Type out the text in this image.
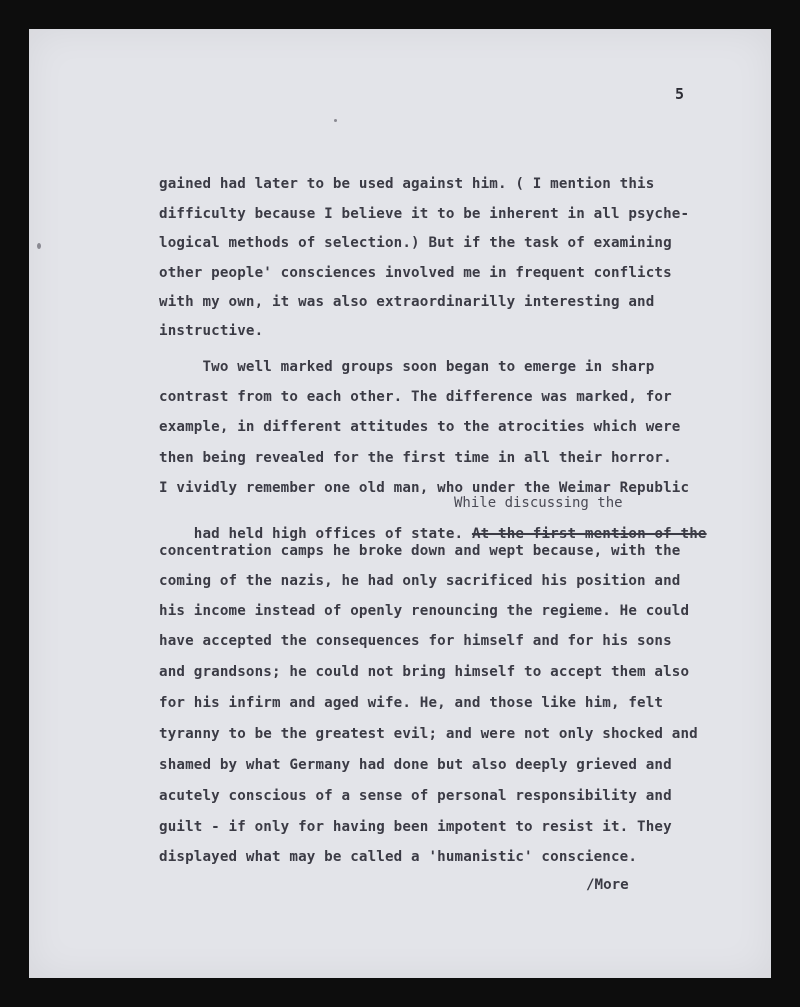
5
gained had later to be used against him. ( I mention this
difficulty because I believe it to be inherent in all psyche-
logical methods of selection.) But if the task of examining
other people' consciences involved me in frequent conflicts
with my own, it was also extraordinarilly interesting and
instructive.
Two well marked groups soon began to emerge in sharp
contrast from to each other. The difference was marked, for
example, in different attitudes to the atrocities which were
then being revealed for the first time in all their horror.
I vividly remember one old man, who under the Weimar Republic
While discussing the

had held high offices of state. At the first mention of the

concentration camps he broke down and wept because, with the
coming of the nazis, he had only sacrificed his position and
his income instead of openly renouncing the regieme. He could
have accepted the consequences for himself and for his sons
and grandsons; he could not bring himself to accept them also
for his infirm and aged wife. He, and those like him, felt
tyranny to be the greatest evil; and were not only shocked and
shamed by what Germany had done but also deeply grieved and
acutely conscious of a sense of personal responsibility and
guilt - if only for having been impotent to resist it. They
displayed what may be called a 'humanistic' conscience.
/More
